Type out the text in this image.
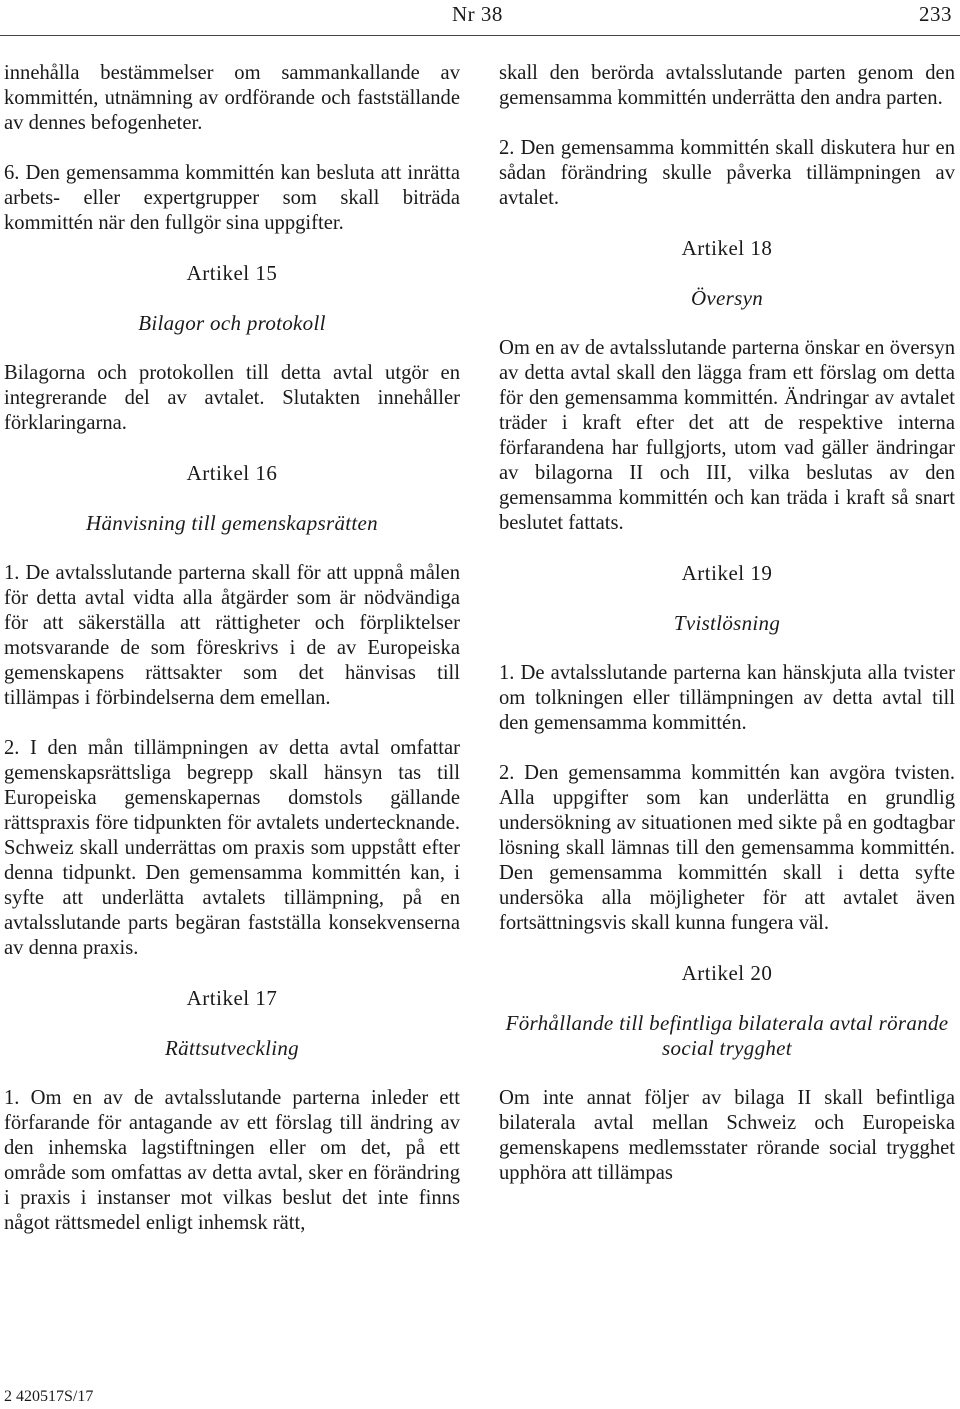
Nr 38	233

innehålla bestämmelser om sammankallande av kommittén, utnämning av ordförande och fastställande av dennes befogenheter.

6. Den gemensamma kommittén kan besluta att inrätta arbets- eller expertgrupper som skall biträda kommittén när den fullgör sina uppgifter.

Artikel 15
Bilagor och protokoll

Bilagorna och protokollen till detta avtal utgör en integrerande del av avtalet. Slutakten innehåller förklaringarna.

Artikel 16
Hänvisning till gemenskapsrätten

1. De avtalsslutande parterna skall för att uppnå målen för detta avtal vidta alla åtgärder som är nödvändiga för att säkerställa att rättigheter och förpliktelser motsvarande de som föreskrivs i de av Europeiska gemenskapens rättsakter som det hänvisas till tillämpas i förbindelserna dem emellan.

2. I den mån tillämpningen av detta avtal omfattar gemenskapsrättsliga begrepp skall hänsyn tas till Europeiska gemenskapernas domstols gällande rättspraxis före tidpunkten för avtalets undertecknande. Schweiz skall underrättas om praxis som uppstått efter denna tidpunkt. Den gemensamma kommittén kan, i syfte att underlätta avtalets tillämpning, på en avtalsslutande parts begäran fastställa konsekvenserna av denna praxis.

Artikel 17
Rättsutveckling

1. Om en av de avtalsslutande parterna inleder ett förfarande för antagande av ett förslag till ändring av den inhemska lagstiftningen eller om det, på ett område som omfattas av detta avtal, sker en förändring i praxis i instanser mot vilkas beslut det inte finns något rättsmedel enligt inhemsk rätt,

skall den berörda avtalsslutande parten genom den gemensamma kommittén underrätta den andra parten.

2. Den gemensamma kommittén skall diskutera hur en sådan förändring skulle påverka tillämpningen av avtalet.

Artikel 18
Översyn

Om en av de avtalsslutande parterna önskar en översyn av detta avtal skall den lägga fram ett förslag om detta för den gemensamma kommittén. Ändringar av avtalet träder i kraft efter det att de respektive interna förfarandena har fullgjorts, utom vad gäller ändringar av bilagorna II och III, vilka beslutas av den gemensamma kommittén och kan träda i kraft så snart beslutet fattats.

Artikel 19
Tvistlösning

1. De avtalsslutande parterna kan hänskjuta alla tvister om tolkningen eller tillämpningen av detta avtal till den gemensamma kommittén.

2. Den gemensamma kommittén kan avgöra tvisten. Alla uppgifter som kan underlätta en grundlig undersökning av situationen med sikte på en godtagbar lösning skall lämnas till den gemensamma kommittén. Den gemensamma kommittén skall i detta syfte undersöka alla möjligheter för att avtalet även fortsättningsvis skall kunna fungera väl.

Artikel 20
Förhållande till befintliga bilaterala avtal rörande social trygghet

Om inte annat följer av bilaga II skall befintliga bilaterala avtal mellan Schweiz och Europeiska gemenskapens medlemsstater rörande social trygghet upphöra att tillämpas

2 420517S/17
